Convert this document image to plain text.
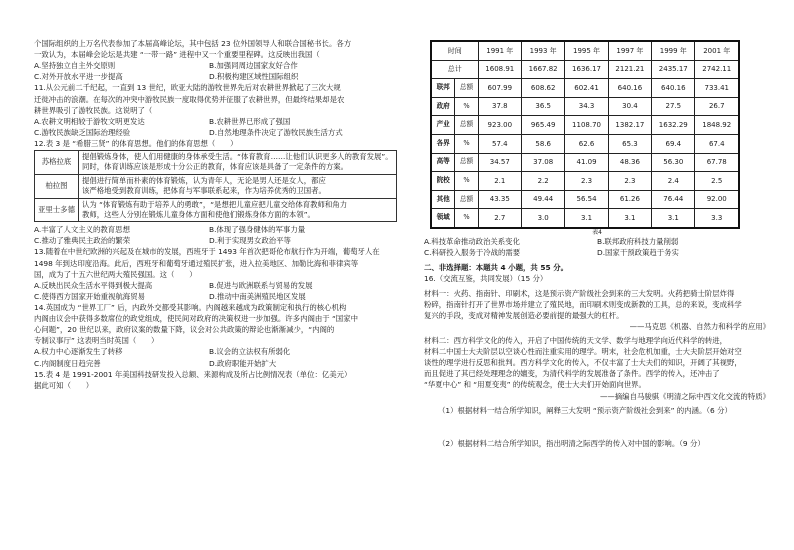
个国际组织的上万名代表参加了本届高峰论坛，其中包括 23 位外国领导人和联合国秘书长。各方
一致认为，本届峰会论坛是共建 “一带一路” 进程中又一个重要里程碑。这反映出我国（
A.坚持独立自主外交原则	B.加强同周边国家友好合作
C.对外开放水平进一步提高	D.积极构建区域性国际组织
11.从公元前二千纪起，一直到 13 世纪，欧亚大陆的游牧世界先后对农耕世界掀起了三次大规
迁徙冲击的浪潮。在每次的冲突中游牧民族一度取得优势并征服了农耕世界，但最终结果却是农
耕世界吸引了游牧民族。这说明了（
A.农耕文明相较于游牧文明更发达	B.农耕世界已形成了强国
C.游牧民族缺乏国际治理经验	D.自然地理条件决定了游牧民族生活方式
12.表 3 是 “希腊三贤” 的体育思想。他们的体育思想（　　）
苏格拉底	提倡锻炼身体，使人们用健康的身体承受生活。“体育教育……让他们认识更多人的教育发展”。
同时，体育训练应该是形成十分公正的教育，体育应该是具备了一定条件的方案。

柏拉图	提倡进行简单而朴素的体育锻炼，认为青年人，无论是男人还是女人，都应
该严格地受到教育训练，把体育与军事联系起来，作为培养优秀的卫国者。

亚里士多德	认为 “体育锻炼有助于培养人的勇敢”，“是想把儿童应把儿童交给体育教师和角力
教师，这些人分别在锻炼儿童身体方面和使他们锻炼身体方面的本领”。
A.丰富了人文主义的教育思想	B.体现了强身健体的军事力量
C.推动了雅典民主政治的繁荣	D.利于实现男女政治平等
13.随着在中世纪欧洲的兴起及在城市的发展，西班牙于 1493 年首次把哥伦布航行作为开端，葡萄牙人在
1498 年到达印度沿海。此后，西班牙和葡萄牙通过殖民扩张，进入拉美地区、加勒比海和菲律宾等
国，成为了十五六世纪两大殖民强国。这（　　）
A.反映出民众生活水平得到极大提高	B.促进与欧洲联系与贸易的发展
C.使得西方国家开始重视航海贸易	D.推动中南美洲殖民地区发展
14.英国成为 “世界工厂” 后，内政外交都受其影响。内阁越来越成为政策制定和执行的核心机构
内阁由议会中获得多数席位的政党组成，使民间对政府的决策权进一步加强。许多内阁由于 “国家中
心问题”，20 世纪以来，政府议案的数量下降，议会对公共政策的辩论也渐渐减少，“内阁的
专制议事厅” 这表明当时英国（　　）
A.权力中心逐渐发生了转移	B.议会的立法权有所弱化
C.内阁制度日趋完善	D.政府职能开始扩大
15.表 4 是 1991-2001 年美国科技研发投入总额、来源构成及所占比例情况表（单位：亿美元）
据此可知（　　）
时间		1991 年	1993 年	1995 年	1997 年	1999 年	2001 年
总计		1608.91	1667.82	1636.17	2121.21	2435.17	2742.11
联邦	总额	607.99	608.62	602.41	640.16	640.16	733.41
政府	%	37.8	36.5	34.3	30.4	27.5	26.7
产业	总额	923.00	965.49	1108.70	1382.17	1632.29	1848.92
各界	%	57.4	58.6	62.6	65.3	69.4	67.4
高等	总额	34.57	37.08	41.09	48.36	56.30	67.78
院校	%	2.1	2.2	2.3	2.3	2.4	2.5
其他	总额	43.35	49.44	56.54	61.26	76.44	92.00
领域	%	2.7	3.0	3.1	3.1	3.1	3.3
表4
A.科技革命推动政治关系变化	B.联邦政府科技力量削弱
C.科研投入服务于冷战的需要	D.国家干预政策趋于务实
二、非选择题：本题共 4 小题，共 55 分。
16.（交流互鉴，共同发展）（15 分）
材料一：火药、指南针、印刷术，这是预示资产阶级社会到来的三大发明。火药把骑士阶层炸得
粉碎，指南针打开了世界市场并建立了殖民地，而印刷术则变成新教的工具，总的来说，变成科学
复兴的手段，变成对精神发展创造必要前提的最强大的杠杆。
——马克思《机器、自然力和科学的应用》
材料二：西方科学文化的传入，开启了中国传统的天文学、数学与地理学向近代科学的转进，
材料二中国士大夫阶层以空谈心性而注重实用的理学。明末，社会危机加重，士大夫阶层开始对空
谈性的理学进行反思和批判。西方科学文化的传入，不仅丰富了士大夫们的知识，开阔了其视野，
而且促进了其已经处理理念的嬗变，为清代科学的发展准备了条件。西学的传入，还冲击了
“华夏中心” 和 “用夏变夷” 的传统观念，使士大夫们开始面向世界。
——摘编自马骏骐《明清之际中西文化交流的特质》
（1）根据材料一结合所学知识，阐释三大发明 “预示资产阶级社会到来” 的内涵。（6 分）
（2）根据材料二结合所学知识，指出明清之际西学的传入对中国的影响。（9 分）
